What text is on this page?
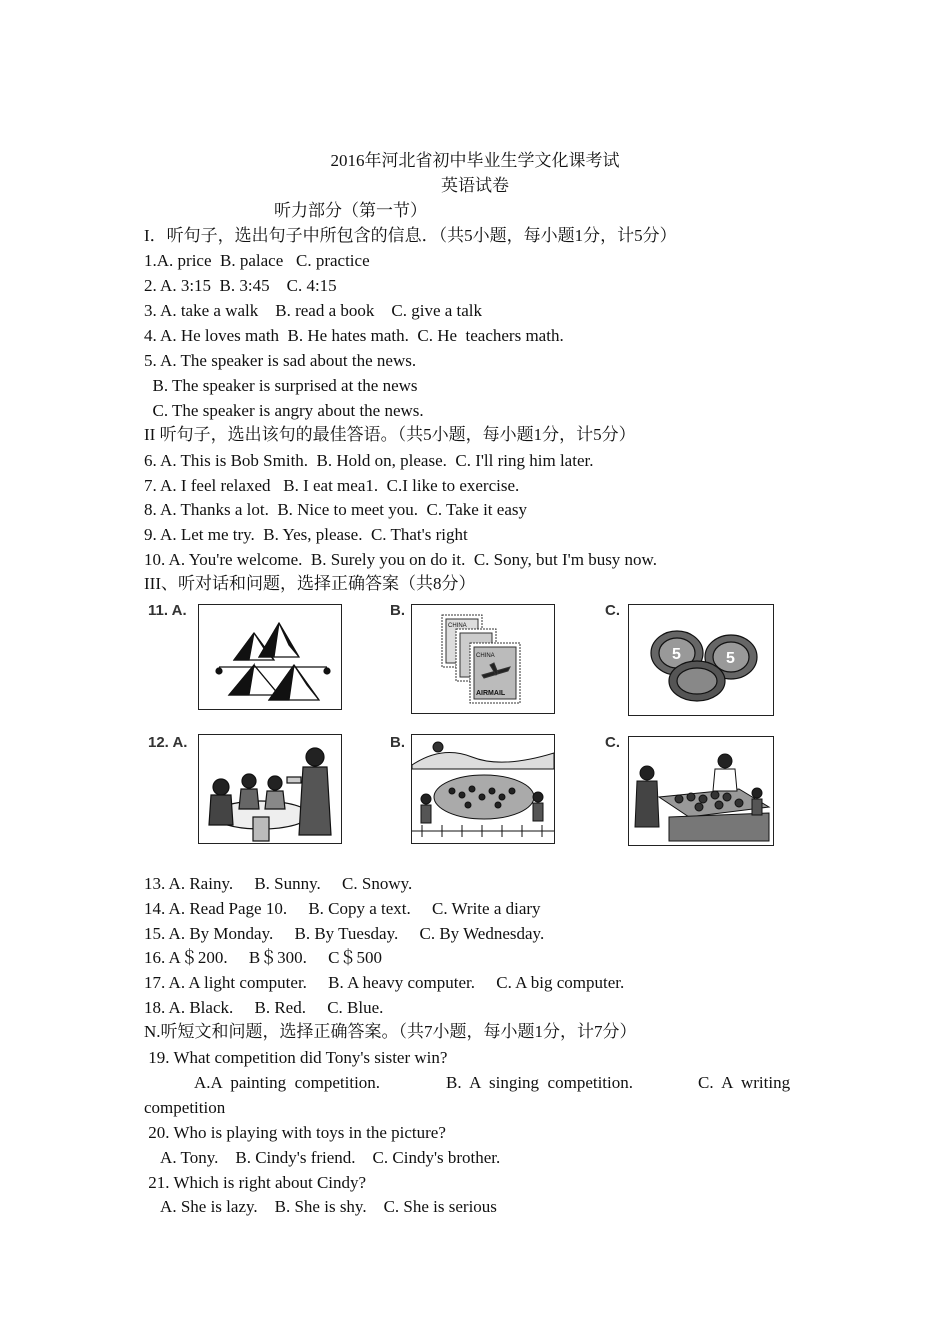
2016年河北省初中毕业生学文化课考试
英语试卷
听力部分（第一节）
I．听句子，选出句子中所包含的信息．（共5小题，每小题1分，计5分）
1.A. price  B. palace   C. practice
2. A. 3:15  B. 3:45    C. 4:15
3. A. take a walk    B. read a book    C. give a talk
4. A. He loves math  B. He hates math.  C. He  teachers math.
5. A. The speaker is sad about the news.
B. The speaker is surprised at the news
C. The speaker is angry about the news.
II 听句子，选出该句的最佳答语。（共5小题，每小题1分，计5分）
6. A. This is Bob Smith.  B. Hold on, please.  C. I'll ring him later.
7. A. I feel relaxed   B. I eat mea1.  C.I like to exercise.
8. A. Thanks a lot.  B. Nice to meet you.  C. Take it easy
9. A. Let me try.  B. Yes, please.  C. That's right
10. A. You're welcome.  B. Surely you on do it.  C. Sony, but I'm busy now.
III、听对话和问题，选择正确答案（共8分）
11. A.	B.
CHINA
CHINA
AIRMAIL
C.
5	5
12. A.	B.	C.
13. A. Rainy.     B. Sunny.     C. Snowy.
14. A. Read Page 10.     B. Copy a text.     C. Write a diary
15. A. By Monday.     B. By Tuesday.     C. By Wednesday.
16. A＄200.     B＄300.     C＄500
17. A. A light computer.     B. A heavy computer.     C. A big computer.
18. A. Black.     B. Red.     C. Blue.
N.听短文和问题，选择正确答案。（共7小题，每小题1分，计7分）
19. What competition did Tony's sister win?
A.A  painting  competition.	B.  A  singing  competition.	C.  A  writing
competition
20. Who is playing with toys in the picture?
A. Tony.    B. Cindy's friend.    C. Cindy's brother.
21. Which is right about Cindy?
A. She is lazy.    B. She is shy.    C. She is serious
